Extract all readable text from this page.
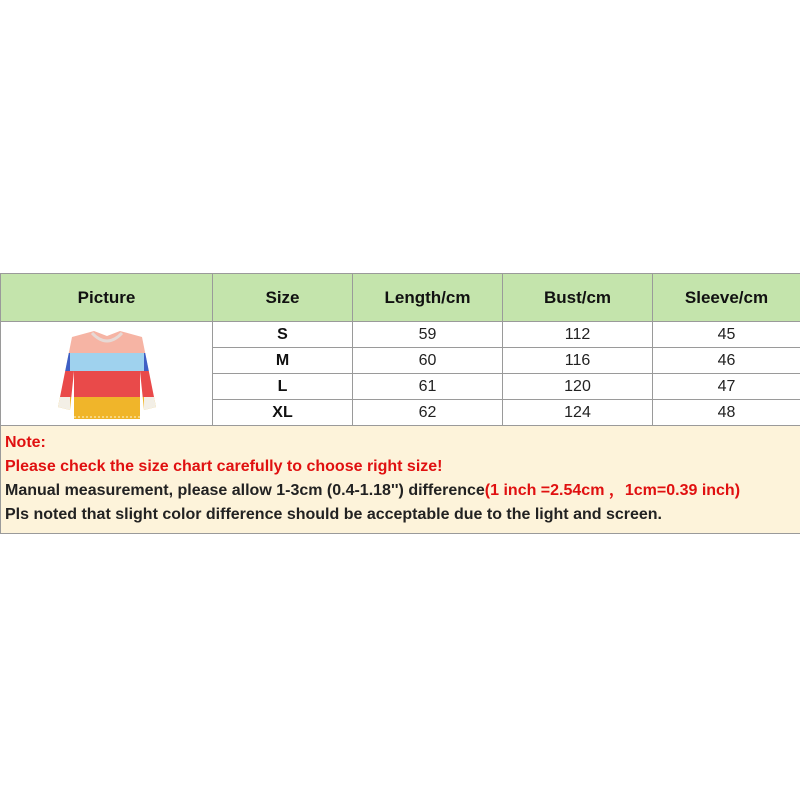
Picture	Size	Length/cm	Bust/cm	Sleeve/cm

	S	59	112	45
	M	60	116	46
	L	61	120	47
	XL	62	124	48

Note:
Please check the size chart carefully to choose right size!
Manual measurement, please allow 1-3cm (0.4-1.18'') difference(1 inch =2.54cm ，1cm=0.39 inch)
Pls noted that slight color difference should be acceptable due to the light and screen.				
